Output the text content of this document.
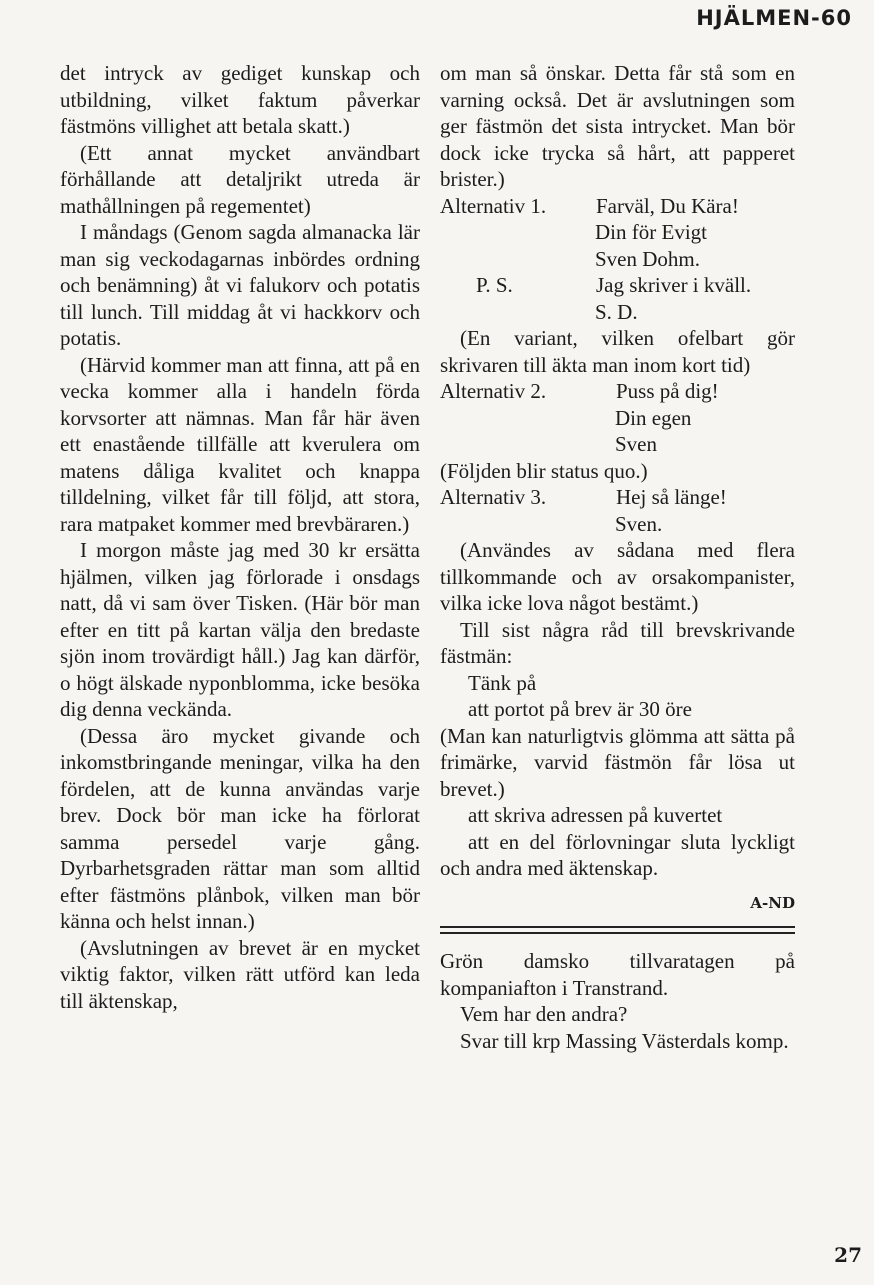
HJÄLMEN-60

det intryck av gediget kunskap och utbildning, vilket faktum påverkar fästmöns villighet att betala skatt.)

(Ett annat mycket användbart förhållande att detaljrikt utreda är mathållningen på regementet)

I måndags (Genom sagda almanacka lär man sig veckodagarnas inbördes ordning och benämning) åt vi falukorv och potatis till lunch. Till middag åt vi hackkorv och potatis.

(Härvid kommer man att finna, att på en vecka kommer alla i handeln förda korvsorter att nämnas. Man får här även ett enastående tillfälle att kverulera om matens dåliga kvalitet och knappa tilldelning, vilket får till följd, att stora, rara matpaket kommer med brevbäraren.)

I morgon måste jag med 30 kr ersätta hjälmen, vilken jag förlorade i onsdags natt, då vi sam över Tisken. (Här bör man efter en titt på kartan välja den bredaste sjön inom trovärdigt håll.) Jag kan därför, o högt älskade nyponblomma, icke besöka dig denna veckända.

(Dessa äro mycket givande och inkomstbringande meningar, vilka ha den fördelen, att de kunna användas varje brev. Dock bör man icke ha förlorat samma persedel varje gång. Dyrbarhetsgraden rättar man som alltid efter fästmöns plånbok, vilken man bör känna och helst innan.)

(Avslutningen av brevet är en mycket viktig faktor, vilken rätt utförd kan leda till äktenskap,

om man så önskar. Detta får stå som en varning också. Det är avslutningen som ger fästmön det sista intrycket. Man bör dock icke trycka så hårt, att papperet brister.)

Alternativ 1.	Farväl, Du Kära!

Din för Evigt

Sven Dohm.

P. S.	Jag skriver i kväll.

S. D.

(En variant, vilken ofelbart gör skrivaren till äkta man inom kort tid)

Alternativ 2.	Puss på dig!

Din egen

Sven

(Följden blir status quo.)

Alternativ 3.	Hej så länge!

Sven.

(Användes av sådana med flera tillkommande och av orsakompanister, vilka icke lova något bestämt.)

Till sist några råd till brevskrivande fästmän:

Tänk på

att portot på brev är 30 öre

(Man kan naturligtvis glömma att sätta på frimärke, varvid fästmön får lösa ut brevet.)

att skriva adressen på kuvertet

att en del förlovningar sluta lyckligt och andra med äktenskap.

A-ND

Grön damsko tillvaratagen på kompaniafton i Transtrand.

Vem har den andra?

Svar till krp Massing Västerdals komp.

27
